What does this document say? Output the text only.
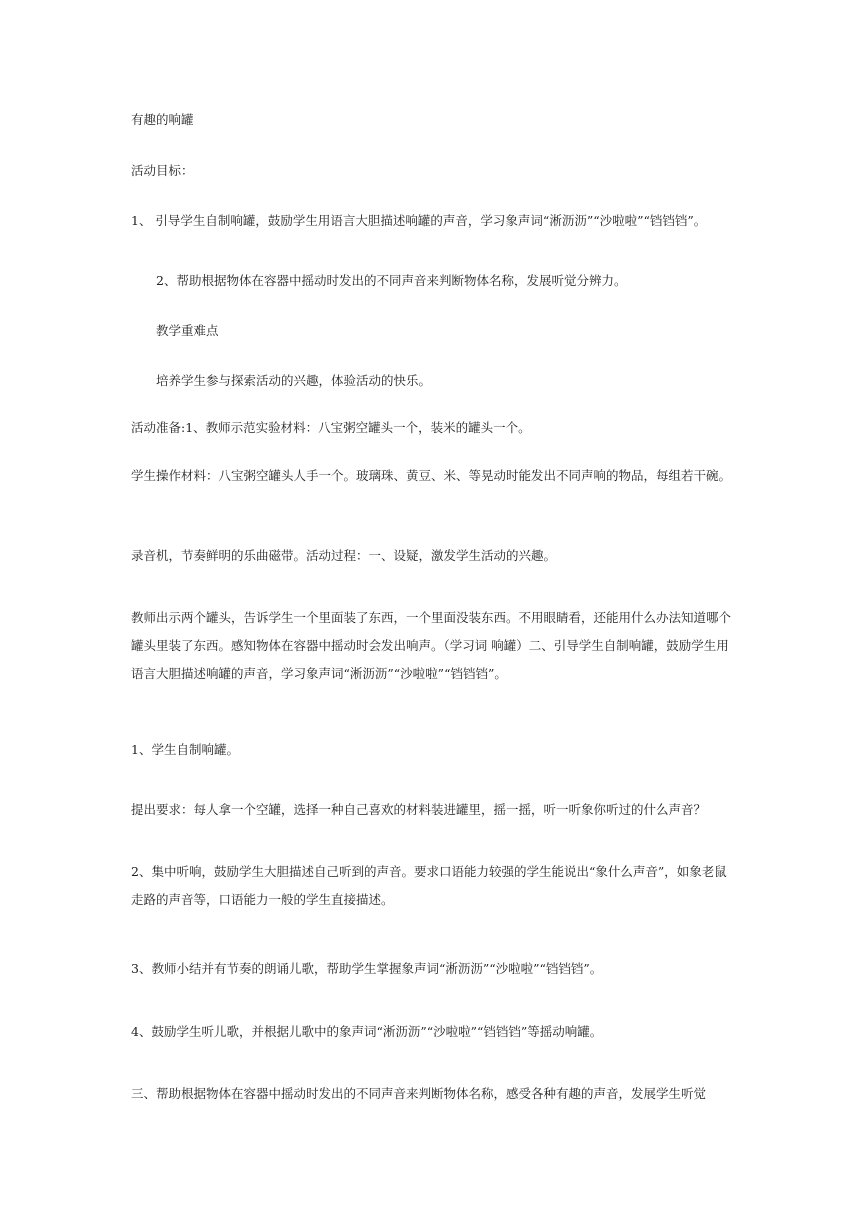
有趣的响罐
活动目标：
1、 引导学生自制响罐，鼓励学生用语言大胆描述响罐的声音，学习象声词“淅沥沥”“沙啦啦”“铛铛铛”。
2、帮助根据物体在容器中摇动时发出的不同声音来判断物体名称，发展听觉分辨力。
教学重难点
培养学生参与探索活动的兴趣，体验活动的快乐。
活动准备:1、教师示范实验材料：八宝粥空罐头一个，装米的罐头一个。
学生操作材料：八宝粥空罐头人手一个。玻璃珠、黄豆、米、等晃动时能发出不同声响的物品，每组若干碗。
录音机，节奏鲜明的乐曲磁带。活动过程：一、设疑，激发学生活动的兴趣。
教师出示两个罐头，告诉学生一个里面装了东西，一个里面没装东西。不用眼睛看，还能用什么办法知道哪个罐头里装了东西。感知物体在容器中摇动时会发出响声。（学习词 响罐）二、引导学生自制响罐，鼓励学生用语言大胆描述响罐的声音，学习象声词“淅沥沥”“沙啦啦”“铛铛铛”。
1、学生自制响罐。
提出要求：每人拿一个空罐，选择一种自己喜欢的材料装进罐里，摇一摇，听一听象你听过的什么声音？
2、集中听响，鼓励学生大胆描述自己听到的声音。要求口语能力较强的学生能说出“象什么声音”，如象老鼠走路的声音等，口语能力一般的学生直接描述。
3、教师小结并有节奏的朗诵儿歌，帮助学生掌握象声词“淅沥沥”“沙啦啦”“铛铛铛”。
4、鼓励学生听儿歌，并根据儿歌中的象声词“淅沥沥”“沙啦啦”“铛铛铛”等摇动响罐。
三、帮助根据物体在容器中摇动时发出的不同声音来判断物体名称，感受各种有趣的声音，发展学生听觉
